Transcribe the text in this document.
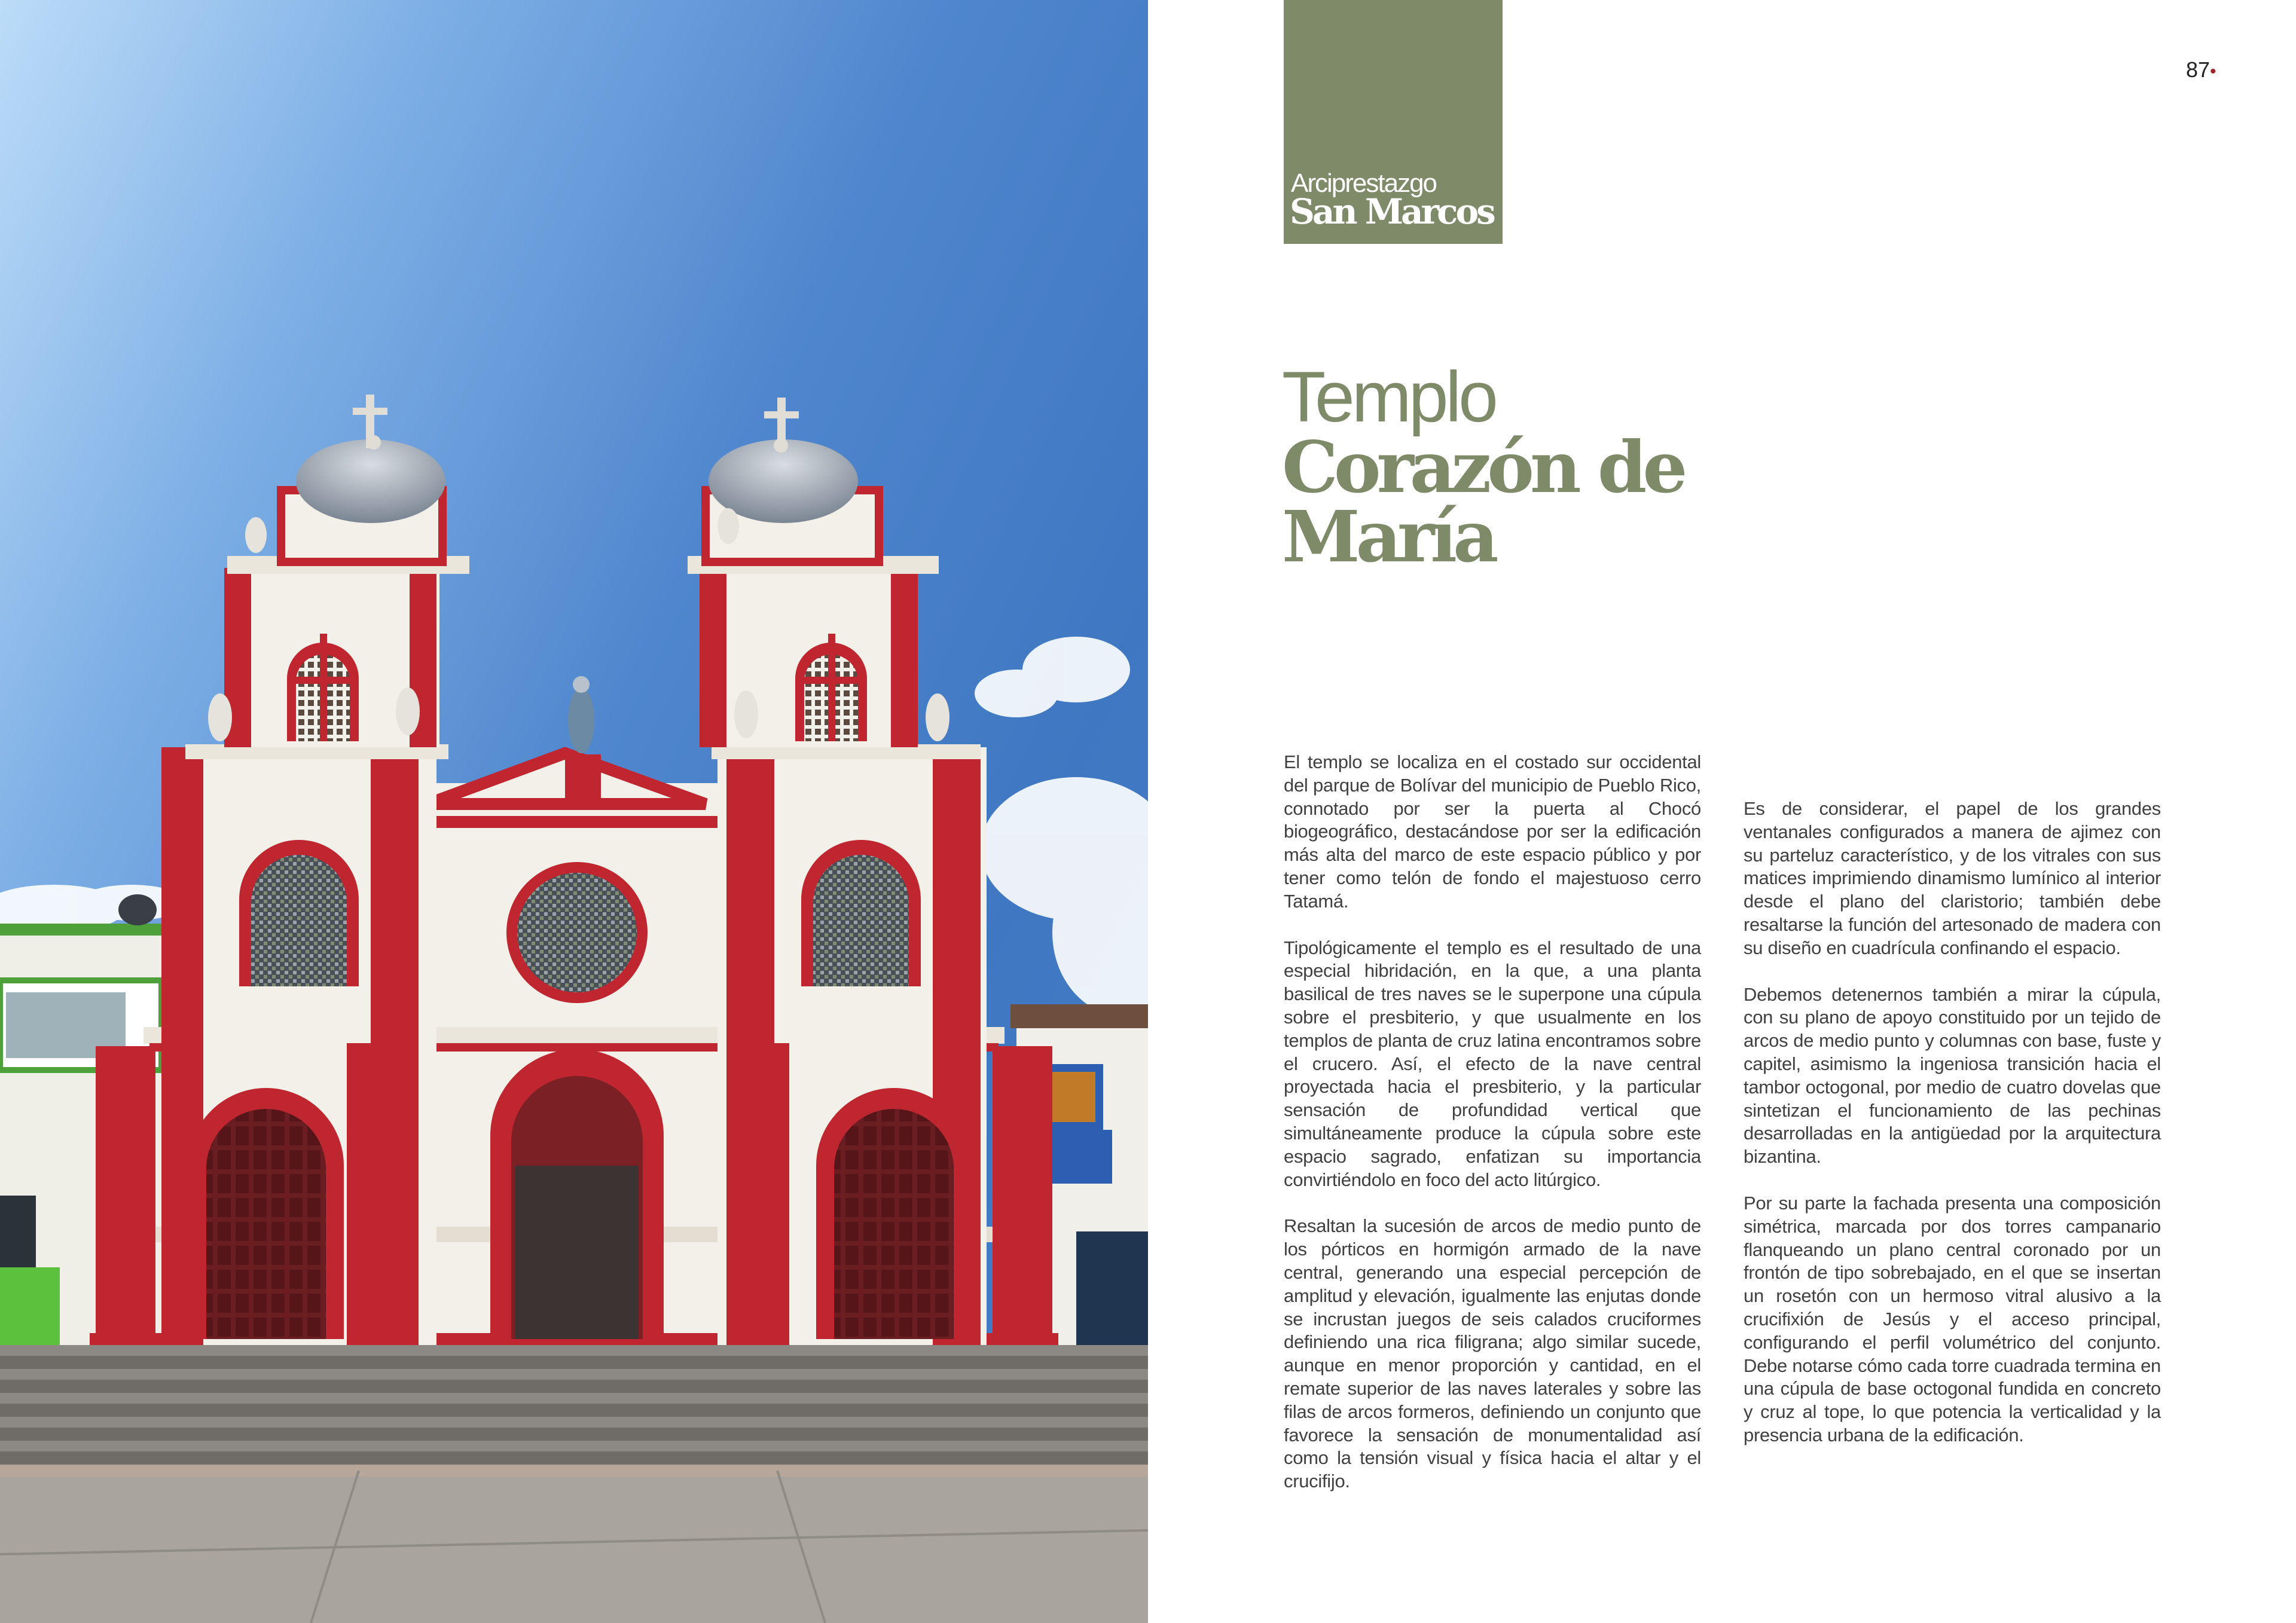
Arciprestazgo
San Marcos
87•
Templo
Corazón de
María

El templo se localiza en el costado sur occidental del parque de Bolívar del municipio de Pueblo Rico, connotado por ser la puerta al Chocó biogeográfico, destacándose por ser la edificación más alta del marco de este espacio público y por tener como telón de fondo el majestuoso cerro Tatamá.

Tipológicamente el templo es el resultado de una especial hibridación, en la que, a una planta basilical de tres naves se le superpone una cúpula sobre el presbiterio, y que usualmente en los templos de planta de cruz latina encontramos sobre el crucero. Así, el efecto de la nave central proyectada hacia el presbiterio, y la particular sensación de profundidad vertical que simultáneamente produce la cúpula sobre este espacio sagrado, enfatizan su importancia convirtiéndolo en foco del acto litúrgico.

Resaltan la sucesión de arcos de medio punto de los pórticos en hormigón armado de la nave central, generando una especial percepción de amplitud y elevación, igualmente las enjutas donde se incrustan juegos de seis calados cruciformes definiendo una rica filigrana; algo similar sucede, aunque en menor proporción y cantidad, en el remate superior de las naves laterales y sobre las filas de arcos formeros, definiendo un conjunto que favorece la sensación de monumentalidad así como la tensión visual y física hacia el altar y el crucifijo.

Es de considerar, el papel de los grandes ventanales configurados a manera de ajimez con su parteluz característico, y de los vitrales con sus matices imprimiendo dinamismo lumínico al interior desde el plano del claristorio; también debe resaltarse la función del artesonado de madera con su diseño en cuadrícula confinando el espacio.

Debemos detenernos también a mirar la cúpula, con su plano de apoyo constituido por un tejido de arcos de medio punto y columnas con base, fuste y capitel, asimismo la ingeniosa transición hacia el tambor octogonal, por medio de cuatro dovelas que sintetizan el funcionamiento de las pechinas desarrolladas en la antigüedad por la arquitectura bizantina.

Por su parte la fachada presenta una composición simétrica, marcada por dos torres campanario flanqueando un plano central coronado por un frontón de tipo sobrebajado, en el que se insertan un rosetón con un hermoso vitral alusivo a la crucifixión de Jesús y el acceso principal, configurando el perfil volumétrico del conjunto. Debe notarse cómo cada torre cuadrada termina en una cúpula de base octogonal fundida en concreto y cruz al tope, lo que potencia la verticalidad y la presencia urbana de la edificación.
